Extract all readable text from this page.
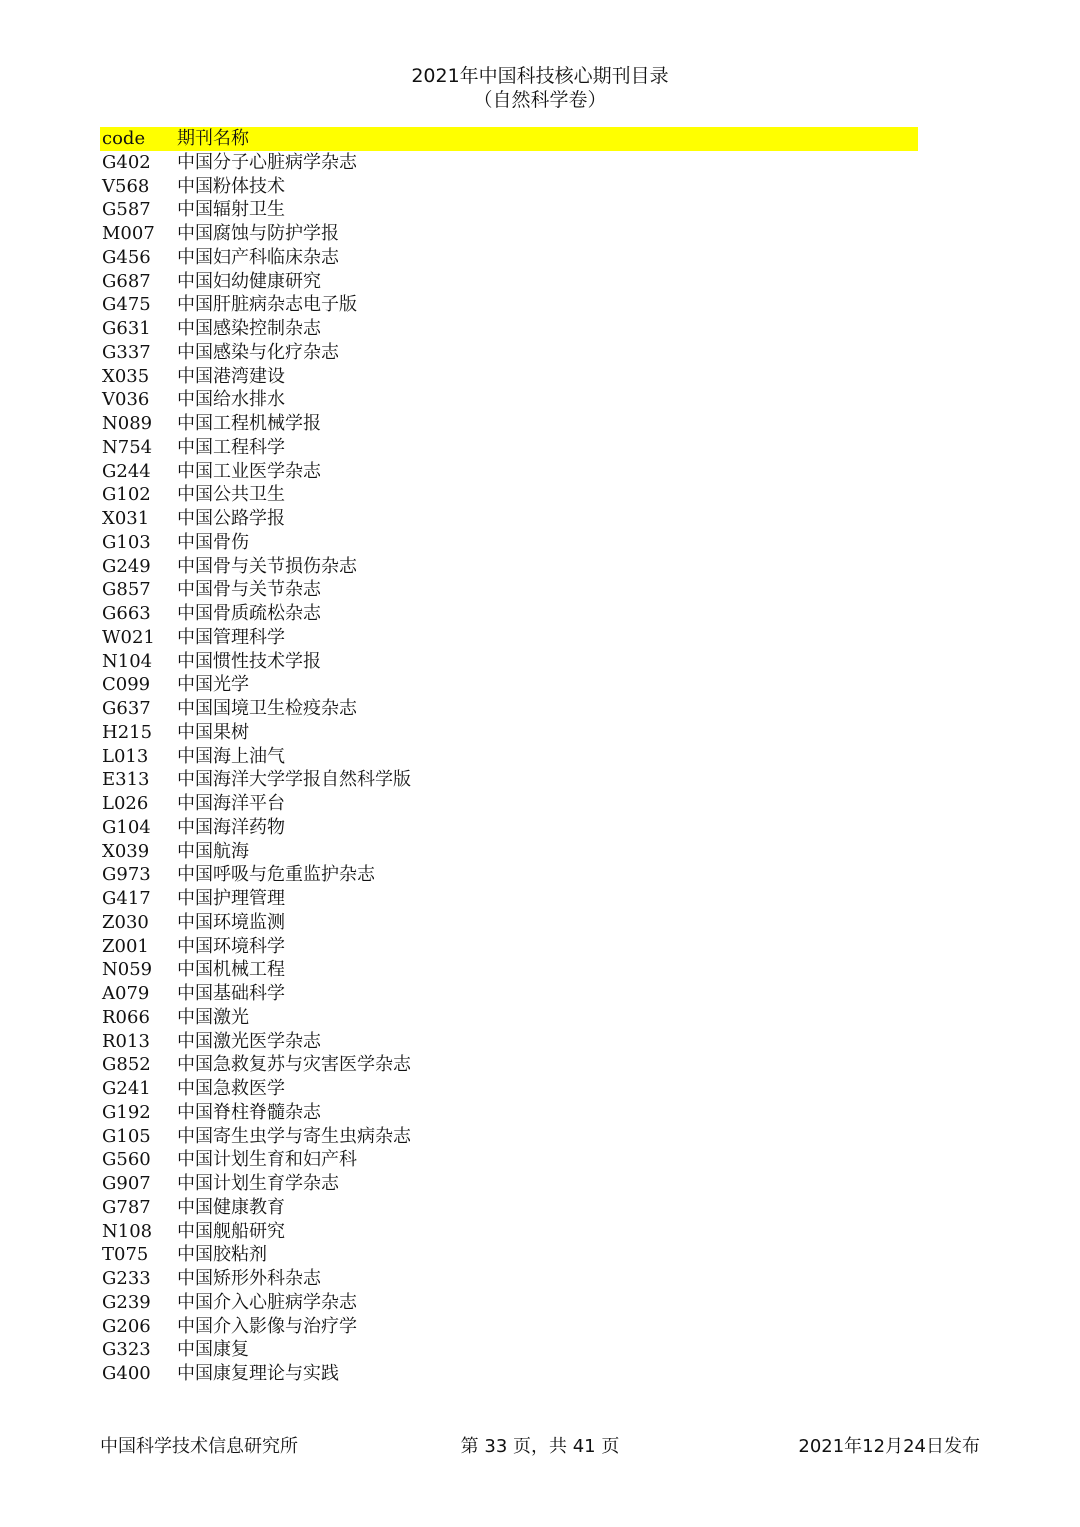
2021年中国科技核心期刊目录
（自然科学卷）
code	期刊名称
G402	中国分子心脏病学杂志
V568	中国粉体技术
G587	中国辐射卫生
M007	中国腐蚀与防护学报
G456	中国妇产科临床杂志
G687	中国妇幼健康研究
G475	中国肝脏病杂志电子版
G631	中国感染控制杂志
G337	中国感染与化疗杂志
X035	中国港湾建设
V036	中国给水排水
N089	中国工程机械学报
N754	中国工程科学
G244	中国工业医学杂志
G102	中国公共卫生
X031	中国公路学报
G103	中国骨伤
G249	中国骨与关节损伤杂志
G857	中国骨与关节杂志
G663	中国骨质疏松杂志
W021	中国管理科学
N104	中国惯性技术学报
C099	中国光学
G637	中国国境卫生检疫杂志
H215	中国果树
L013	中国海上油气
E313	中国海洋大学学报自然科学版
L026	中国海洋平台
G104	中国海洋药物
X039	中国航海
G973	中国呼吸与危重监护杂志
G417	中国护理管理
Z030	中国环境监测
Z001	中国环境科学
N059	中国机械工程
A079	中国基础科学
R066	中国激光
R013	中国激光医学杂志
G852	中国急救复苏与灾害医学杂志
G241	中国急救医学
G192	中国脊柱脊髓杂志
G105	中国寄生虫学与寄生虫病杂志
G560	中国计划生育和妇产科
G907	中国计划生育学杂志
G787	中国健康教育
N108	中国舰船研究
T075	中国胶粘剂
G233	中国矫形外科杂志
G239	中国介入心脏病学杂志
G206	中国介入影像与治疗学
G323	中国康复
G400	中国康复理论与实践
中国科学技术信息研究所	第 33 页，共 41 页	2021年12月24日发布
